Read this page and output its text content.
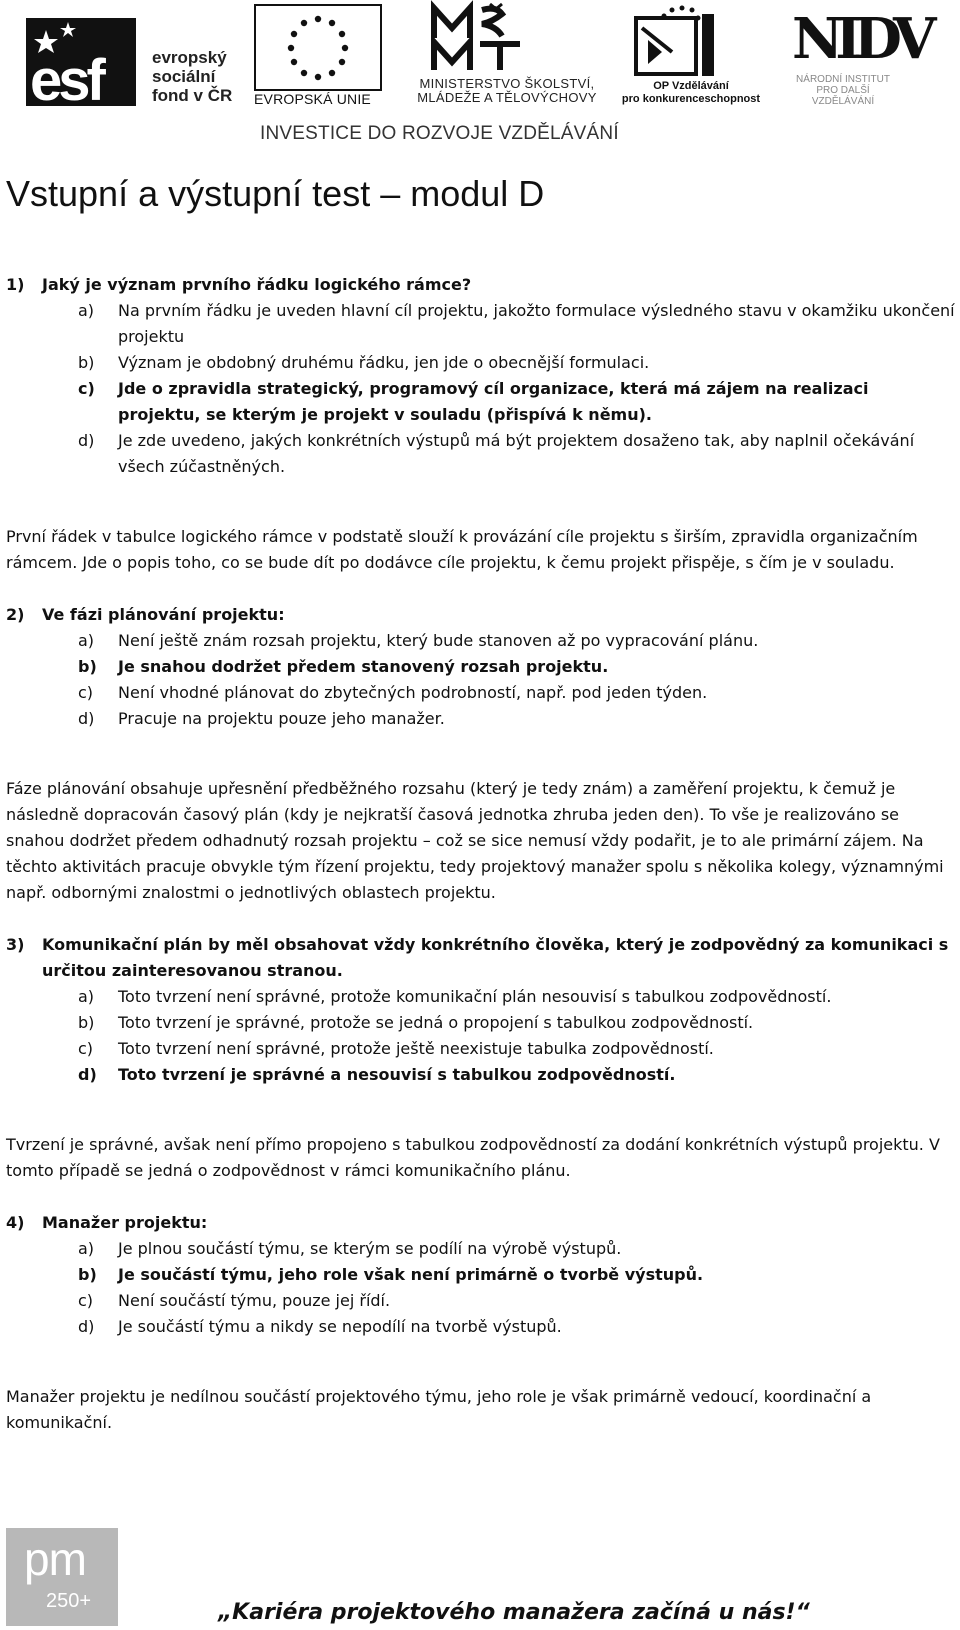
esf	evropský
sociální
fond v ČR EVROPSKÁ UNIE
MINISTERSTVO ŠKOLSTVÍ,
MLÁDEŽE A TĚLOVÝCHOVY
OP Vzdělávání
pro konkurenceschopnost
NIDV
NÁRODNÍ INSTITUT
PRO DALŠÍ
VZDĚLÁVÁNÍ
INVESTICE DO ROZVOJE VZDĚLÁVÁNÍ
Vstupní a výstupní test – modul D
1) Jaký je význam prvního řádku logického rámce?
a) Na prvním řádku je uveden hlavní cíl projektu, jakožto formulace výsledného stavu v okamžiku ukončení projektu
b) Význam je obdobný druhému řádku, jen jde o obecnější formulaci.
c) Jde o zpravidla strategický, programový cíl organizace, která má zájem na realizaci projektu, se kterým je projekt v souladu (přispívá k němu).
d) Je zde uvedeno, jakých konkrétních výstupů má být projektem dosaženo tak, aby naplnil očekávání všech zúčastněných.

První řádek v tabulce logického rámce v podstatě slouží k provázání cíle projektu s širším, zpravidla organizačním rámcem. Jde o popis toho, co se bude dít po dodávce cíle projektu, k čemu projekt přispěje, s čím je v souladu.

2) Ve fázi plánování projektu:
a) Není ještě znám rozsah projektu, který bude stanoven až po vypracování plánu.
b) Je snahou dodržet předem stanovený rozsah projektu.
c) Není vhodné plánovat do zbytečných podrobností, např. pod jeden týden.
d) Pracuje na projektu pouze jeho manažer.

Fáze plánování obsahuje upřesnění předběžného rozsahu (který je tedy znám) a zaměření projektu, k čemuž je následně dopracován časový plán (kdy je nejkratší časová jednotka zhruba jeden den). To vše je realizováno se snahou dodržet předem odhadnutý rozsah projektu – což se sice nemusí vždy podařit, je to ale primární zájem. Na těchto aktivitách pracuje obvykle tým řízení projektu, tedy projektový manažer spolu s několika kolegy, významnými např. odbornými znalostmi o jednotlivých oblastech projektu.

3) Komunikační plán by měl obsahovat vždy konkrétního člověka, který je zodpovědný za komunikaci s určitou zainteresovanou stranou.
a) Toto tvrzení není správné, protože komunikační plán nesouvisí s tabulkou zodpovědností.
b) Toto tvrzení je správné, protože se jedná o propojení s tabulkou zodpovědností.
c) Toto tvrzení není správné, protože ještě neexistuje tabulka zodpovědností.
d) Toto tvrzení je správné a nesouvisí s tabulkou zodpovědností.

Tvrzení je správné, avšak není přímo propojeno s tabulkou zodpovědností za dodání konkrétních výstupů projektu. V tomto případě se jedná o zodpovědnost v rámci komunikačního plánu.

4) Manažer projektu:
a) Je plnou součástí týmu, se kterým se podílí na výrobě výstupů.
b) Je součástí týmu, jeho role však není primárně o tvorbě výstupů.
c) Není součástí týmu, pouze jej řídí.
d) Je součástí týmu a nikdy se nepodílí na tvorbě výstupů.

Manažer projektu je nedílnou součástí projektového týmu, jeho role je však primárně vedoucí, koordinační a komunikační.

pm
250+	„Kariéra projektového manažera začíná u nás!“
